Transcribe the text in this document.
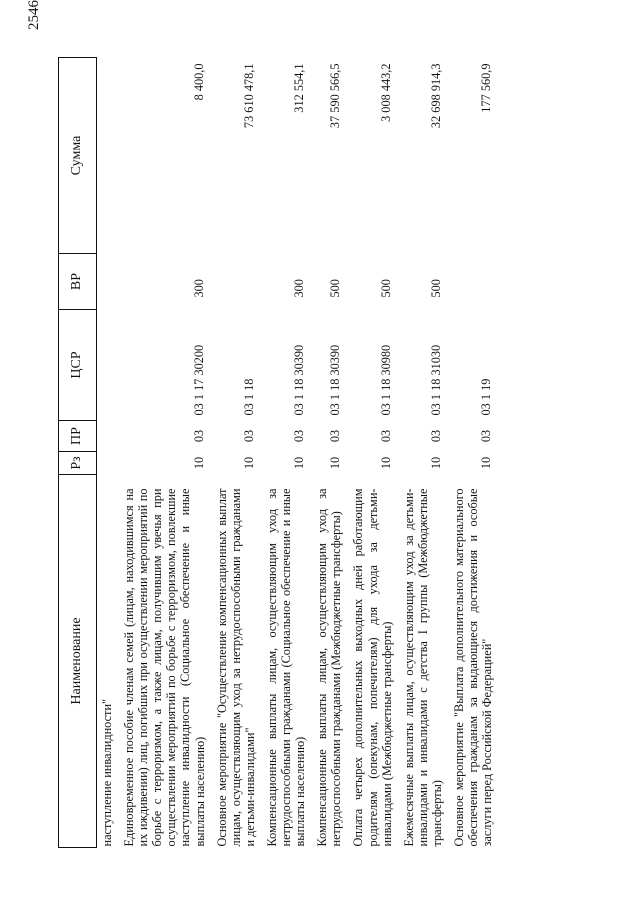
2546
Наименование	Рз	ПР	ЦСР	ВР	Сумма
наступление инвалидности"					
Единовременное пособие членам семей (лицам, находившимся на их иждивении) лиц, погибших при осуществлении мероприятий по борьбе с терроризмом, а также лицам, получившим увечья при осуществлении мероприятий по борьбе с терроризмом, повлекшие наступление инвалидности (Социальное обеспечение и иные выплаты населению)	10	03	03 1 17 30200	300	8 400,0
Основное мероприятие "Осуществление компенсационных выплат лицам, осуществляющим уход за нетрудоспособными гражданами и детьми-инвалидами"	10	03	03 1 18		73 610 478,1
Компенсационные выплаты лицам, осуществляющим уход за нетрудоспособными гражданами (Социальное обеспечение и иные выплаты населению)	10	03	03 1 18 30390	300	312 554,1
Компенсационные выплаты лицам, осуществляющим уход за нетрудоспособными гражданами (Межбюджетные трансферты)	10	03	03 1 18 30390	500	37 590 566,5
Оплата четырех дополнительных выходных дней работающим родителям (опекунам, попечителям) для ухода за детьми-инвалидами (Межбюджетные трансферты)	10	03	03 1 18 30980	500	3 008 443,2
Ежемесячные выплаты лицам, осуществляющим уход за детьми-инвалидами и инвалидами с детства I группы (Межбюджетные трансферты)	10	03	03 1 18 31030	500	32 698 914,3
Основное мероприятие "Выплата дополнительного материального обеспечения гражданам за выдающиеся достижения и особые заслуги перед Российской Федерацией"	10	03	03 1 19		177 560,9
